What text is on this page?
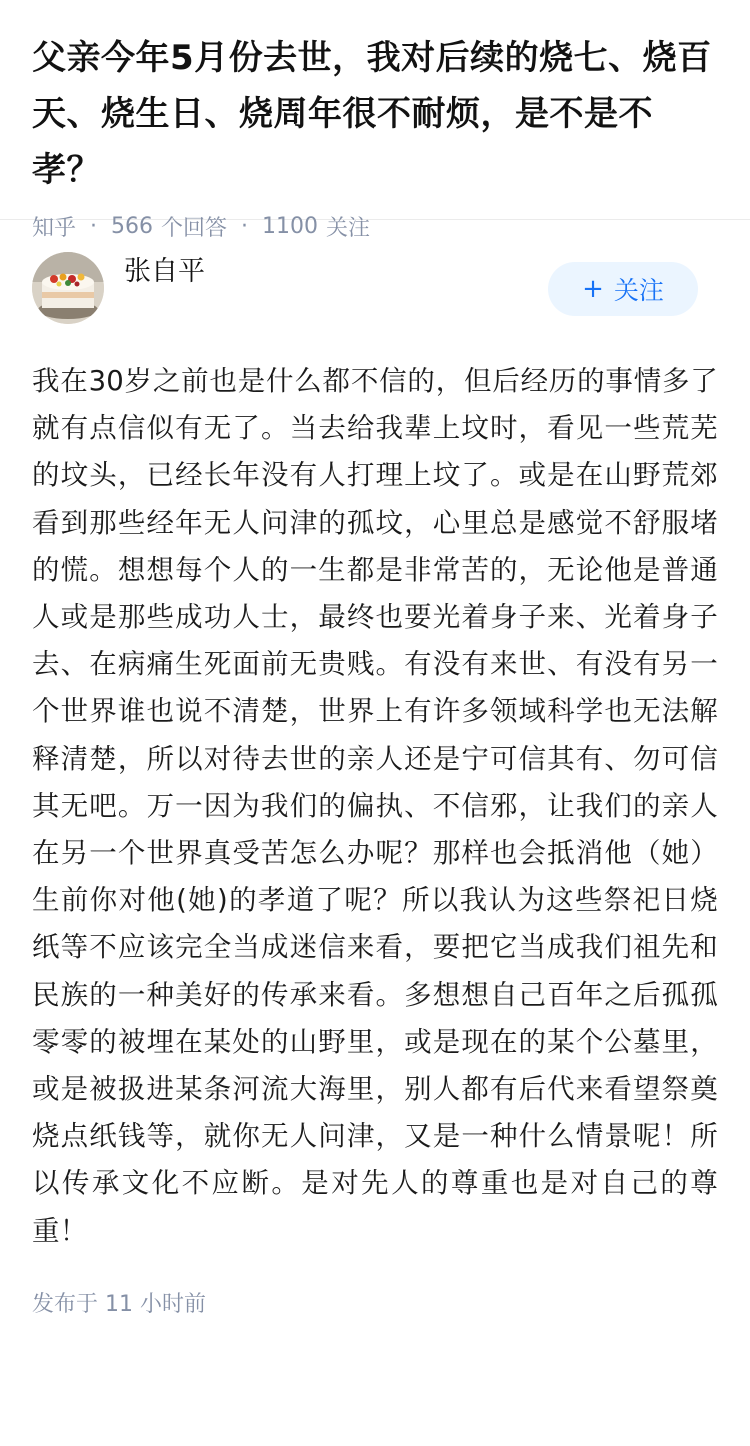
父亲今年5月份去世，我对后续的烧七、烧百天、烧生日、烧周年很不耐烦，是不是不孝？
知乎 · 566 个回答 · 1100 关注
张自平
+ 关注
我在30岁之前也是什么都不信的，但后经历的事情多了就有点信似有无了。当去给我辈上坟时，看见一些荒芜的坟头，已经长年没有人打理上坟了。或是在山野荒郊看到那些经年无人问津的孤坟，心里总是感觉不舒服堵的慌。想想每个人的一生都是非常苦的，无论他是普通人或是那些成功人士，最终也要光着身子来、光着身子去、在病痛生死面前无贵贱。有没有来世、有没有另一个世界谁也说不清楚，世界上有许多领域科学也无法解释清楚，所以对待去世的亲人还是宁可信其有、勿可信其无吧。万一因为我们的偏执、不信邪，让我们的亲人在另一个世界真受苦怎么办呢？那样也会抵消他（她）生前你对他(她)的孝道了呢？所以我认为这些祭祀日烧纸等不应该完全当成迷信来看，要把它当成我们祖先和民族的一种美好的传承来看。多想想自己百年之后孤孤零零的被埋在某处的山野里，或是现在的某个公墓里，或是被扱进某条河流大海里，别人都有后代来看望祭奠烧点纸钱等，就你无人问津，又是一种什么情景呢！所以传承文化不应断。是对先人的尊重也是对自己的尊重！
发布于 11 小时前
